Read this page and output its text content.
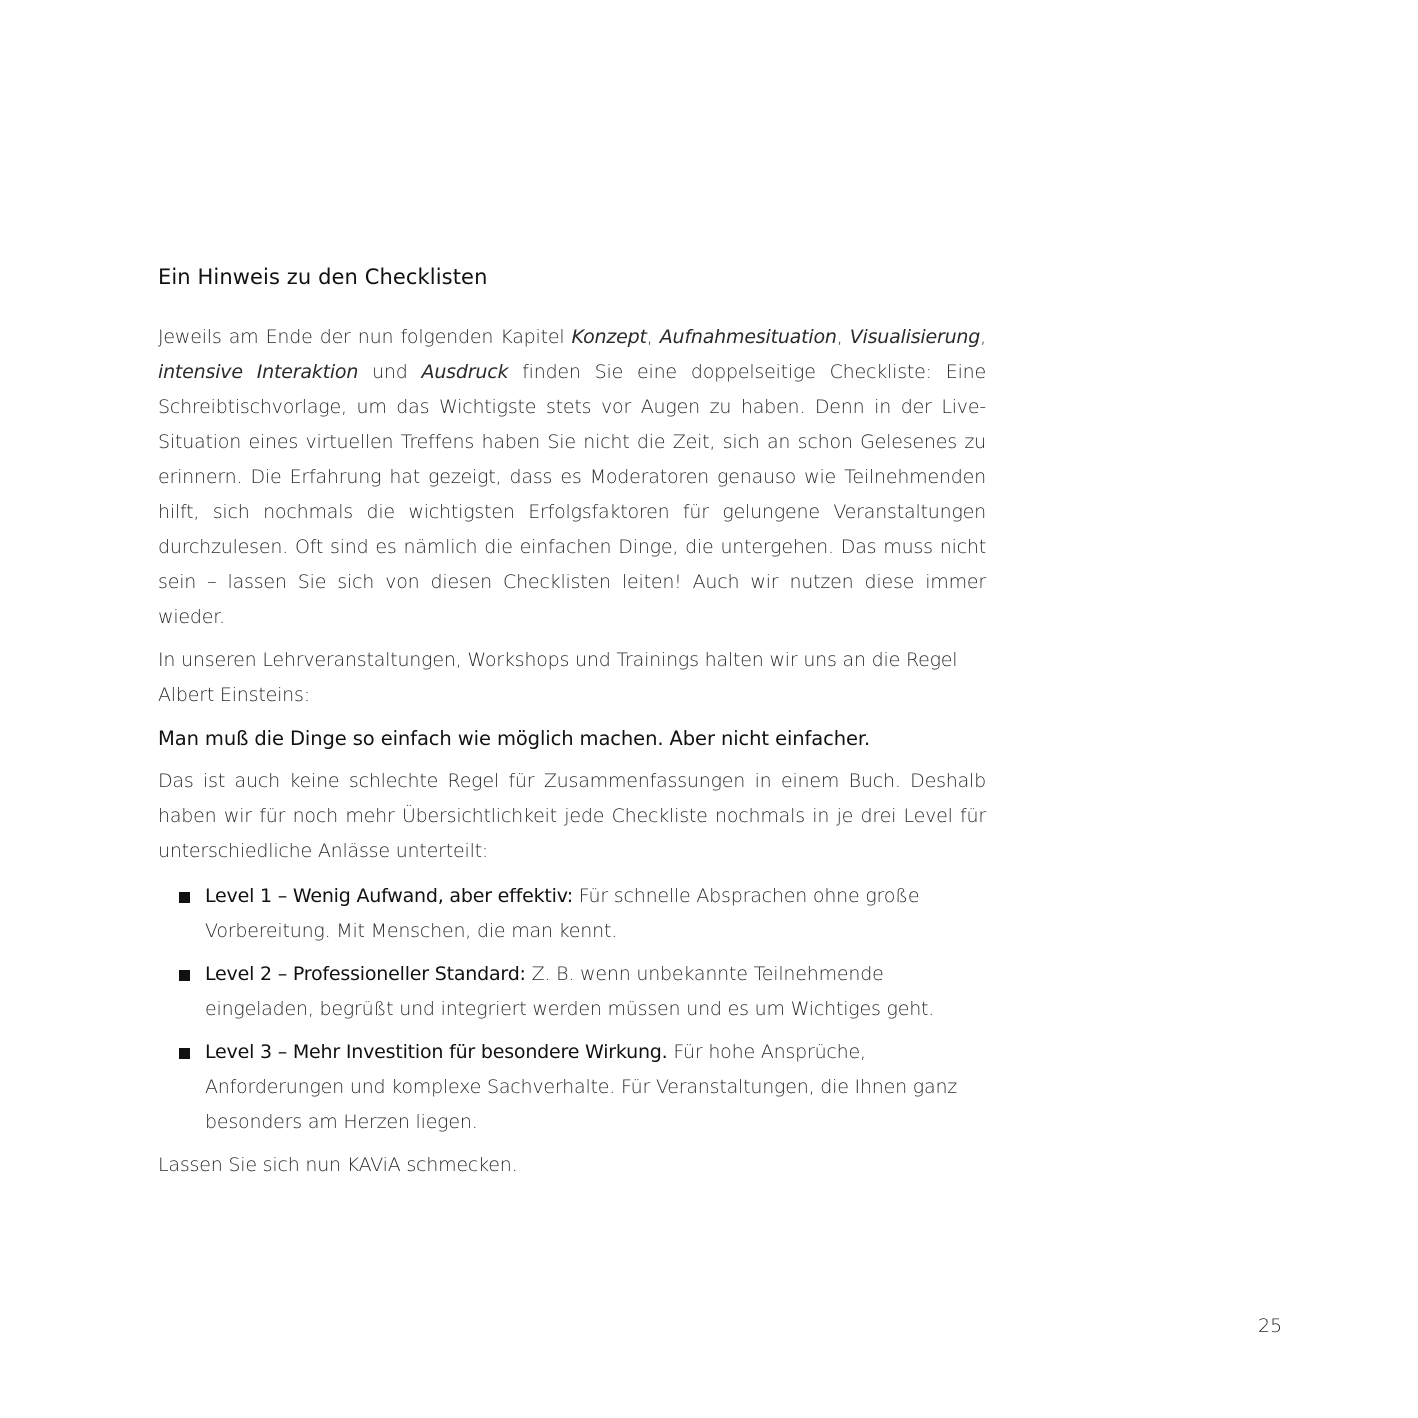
Ein Hinweis zu den Checklisten

Jeweils am Ende der nun folgenden Kapitel Konzept, Aufnahmesituation, Visualisierung, intensive Interaktion und Ausdruck finden Sie eine doppelseitige Checkliste: Eine Schreibtischvorlage, um das Wichtigste stets vor Augen zu haben. Denn in der Live-Situation eines virtuellen Treffens haben Sie nicht die Zeit, sich an schon Gelesenes zu erinnern. Die Erfahrung hat gezeigt, dass es Moderatoren genauso wie Teilnehmenden hilft, sich nochmals die wichtigsten Erfolgsfaktoren für gelungene Veranstaltungen durchzulesen. Oft sind es nämlich die einfachen Dinge, die untergehen. Das muss nicht sein – lassen Sie sich von diesen Checklisten leiten! Auch wir nutzen diese immer wieder.

In unseren Lehrveranstaltungen, Workshops und Trainings halten wir uns an die Regel Albert Einsteins:

Man muß die Dinge so einfach wie möglich machen. Aber nicht einfacher.

Das ist auch keine schlechte Regel für Zusammenfassungen in einem Buch. Deshalb haben wir für noch mehr Übersichtlichkeit jede Checkliste nochmals in je drei Level für unterschiedliche Anlässe unterteilt:

Level 1 – Wenig Aufwand, aber effektiv: Für schnelle Absprachen ohne große Vorbereitung. Mit Menschen, die man kennt.

Level 2 – Professioneller Standard: Z. B. wenn unbekannte Teilnehmende eingeladen, begrüßt und integriert werden müssen und es um Wichtiges geht.

Level 3 – Mehr Investition für besondere Wirkung. Für hohe Ansprüche, Anforderungen und komplexe Sachverhalte. Für Veranstaltungen, die Ihnen ganz besonders am Herzen liegen.

Lassen Sie sich nun KAViA schmecken.

25
